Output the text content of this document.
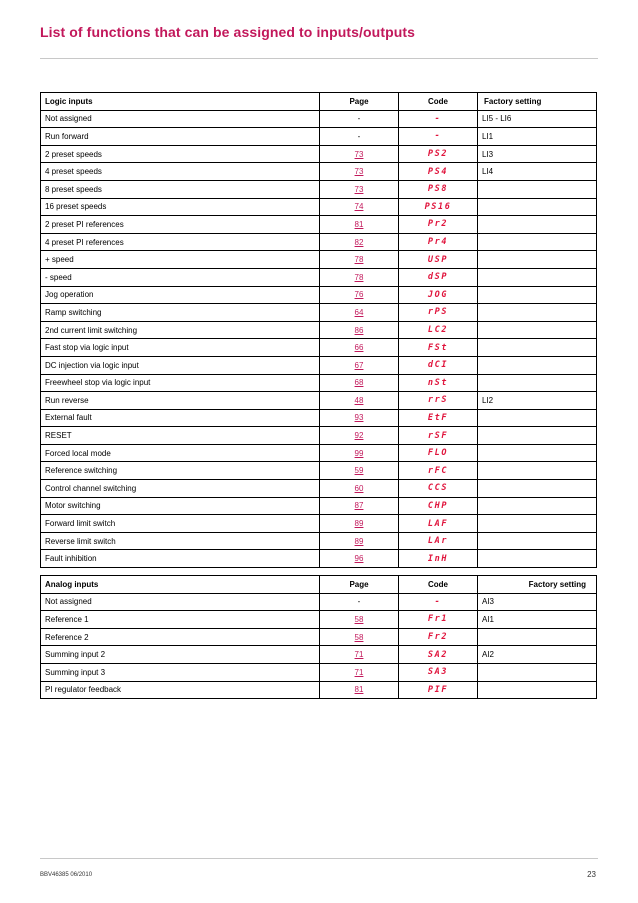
List of functions that can be assigned to inputs/outputs
Logic inputs	Page	Code	Factory setting
Not assigned	-	-	LI5 - LI6
Run forward	-	-	LI1
2 preset speeds	73	PS2	LI3
4 preset speeds	73	PS4	LI4
8 preset speeds	73	PS8	
16 preset speeds	74	PS16	
2 preset PI references	81	Pr2	
4 preset PI references	82	Pr4	
+ speed	78	USP	
- speed	78	dSP	
Jog operation	76	JOG	
Ramp switching	64	rPS	
2nd current limit switching	86	LC2	
Fast stop via logic input	66	FSt	
DC injection via logic input	67	dCI	
Freewheel stop via logic input	68	nSt	
Run reverse	48	rrS	LI2
External fault	93	EtF	
RESET	92	rSF	
Forced local mode	99	FLO	
Reference switching	59	rFC	
Control channel switching	60	CCS	
Motor switching	87	CHP	
Forward limit switch	89	LAF	
Reverse limit switch	89	LAr	
Fault inhibition	96	InH	
Analog inputs	Page	Code	Factory setting
Not assigned	-	-	AI3
Reference 1	58	Fr1	AI1
Reference 2	58	Fr2	
Summing input 2	71	SA2	AI2
Summing input 3	71	SA3	
PI regulator feedback	81	PIF	
BBV46385 06/2010	23
